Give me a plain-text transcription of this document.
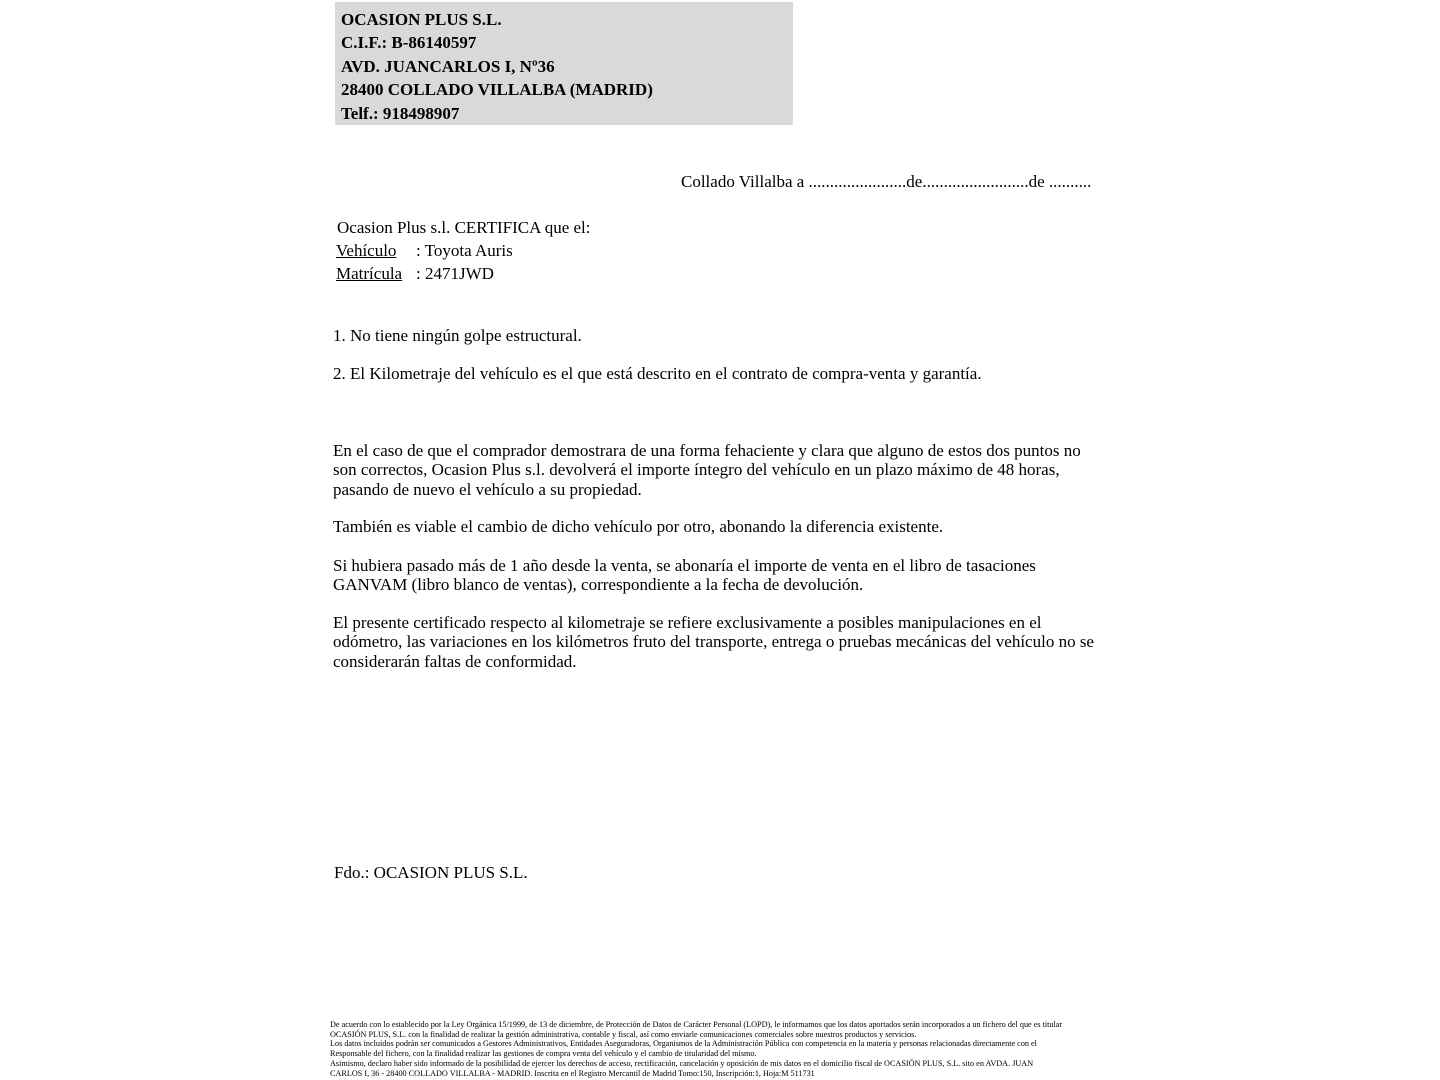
OCASION PLUS S.L.
C.I.F.: B-86140597
AVD. JUANCARLOS I, Nº36
28400 COLLADO VILLALBA (MADRID)
Telf.: 918498907
Collado Villalba a .......................de.........................de ..........
Ocasion Plus s.l. CERTIFICA que el:
Vehículo : Toyota Auris
Matrícula : 2471JWD
1. No tiene ningún golpe estructural.
2. El Kilometraje del vehículo es el que está descrito en el contrato de compra-venta y garantía.

En el caso de que el comprador demostrara de una forma fehaciente y clara que alguno de estos dos puntos no son correctos, Ocasion Plus s.l. devolverá el importe íntegro del vehículo en un plazo máximo de 48 horas, pasando de nuevo el vehículo a su propiedad.

También es viable el cambio de dicho vehículo por otro, abonando la diferencia existente.

Si hubiera pasado más de 1 año desde la venta, se abonaría el importe de venta en el libro de tasaciones GANVAM (libro blanco de ventas), correspondiente a la fecha de devolución.

El presente certificado respecto al kilometraje se refiere exclusivamente a posibles manipulaciones en el odómetro, las variaciones en los kilómetros fruto del transporte, entrega o pruebas mecánicas del vehículo no se considerarán faltas de conformidad.

Fdo.: OCASION PLUS S.L.
De acuerdo con lo establecido por la Ley Orgánica 15/1999, de 13 de diciembre, de Protección de Datos de Carácter Personal (LOPD), le informamos que los datos aportados serán incorporados a un fichero del que es titular
OCASIÓN PLUS, S.L. con la finalidad de realizar la gestión administrativa, contable y fiscal, así como enviarle comunicaciones comerciales sobre nuestros productos y servicios.
Los datos incluidos podrán ser comunicados a Gestores Administrativos, Entidades Aseguradoras, Organismos de la Administración Pública con competencia en la materia y personas relacionadas directamente con el
Responsable del fichero, con la finalidad realizar las gestiones de compra venta del vehículo y el cambio de titularidad del mismo.
Asimismo, declaro haber sido informado de la posibilidad de ejercer los derechos de acceso, rectificación, cancelación y oposición de mis datos en el domicilio fiscal de OCASIÓN PLUS, S.L. sito en AVDA. JUAN
CARLOS I, 36 - 28400 COLLADO VILLALBA - MADRID. Inscrita en el Registro Mercantil de Madrid Tomo:150, Inscripción:1, Hoja:M 511731
